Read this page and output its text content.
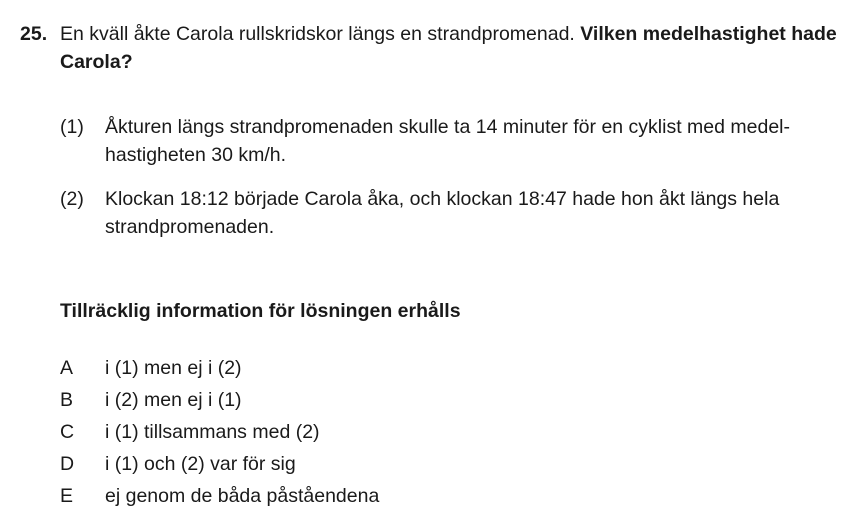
25. En kväll åkte Carola rullskridskor längs en strandpromenad. Vilken medelhastighet hade Carola?
(1) Åkturen längs strandpromenaden skulle ta 14 minuter för en cyklist med medel-hastigheten 30 km/h.
(2) Klockan 18:12 började Carola åka, och klockan 18:47 hade hon åkt längs hela strandpromenaden.
Tillräcklig information för lösningen erhålls
A	i (1) men ej i (2)
B	i (2) men ej i (1)
C	i (1) tillsammans med (2)
D	i (1) och (2) var för sig
E	ej genom de båda påståendena
